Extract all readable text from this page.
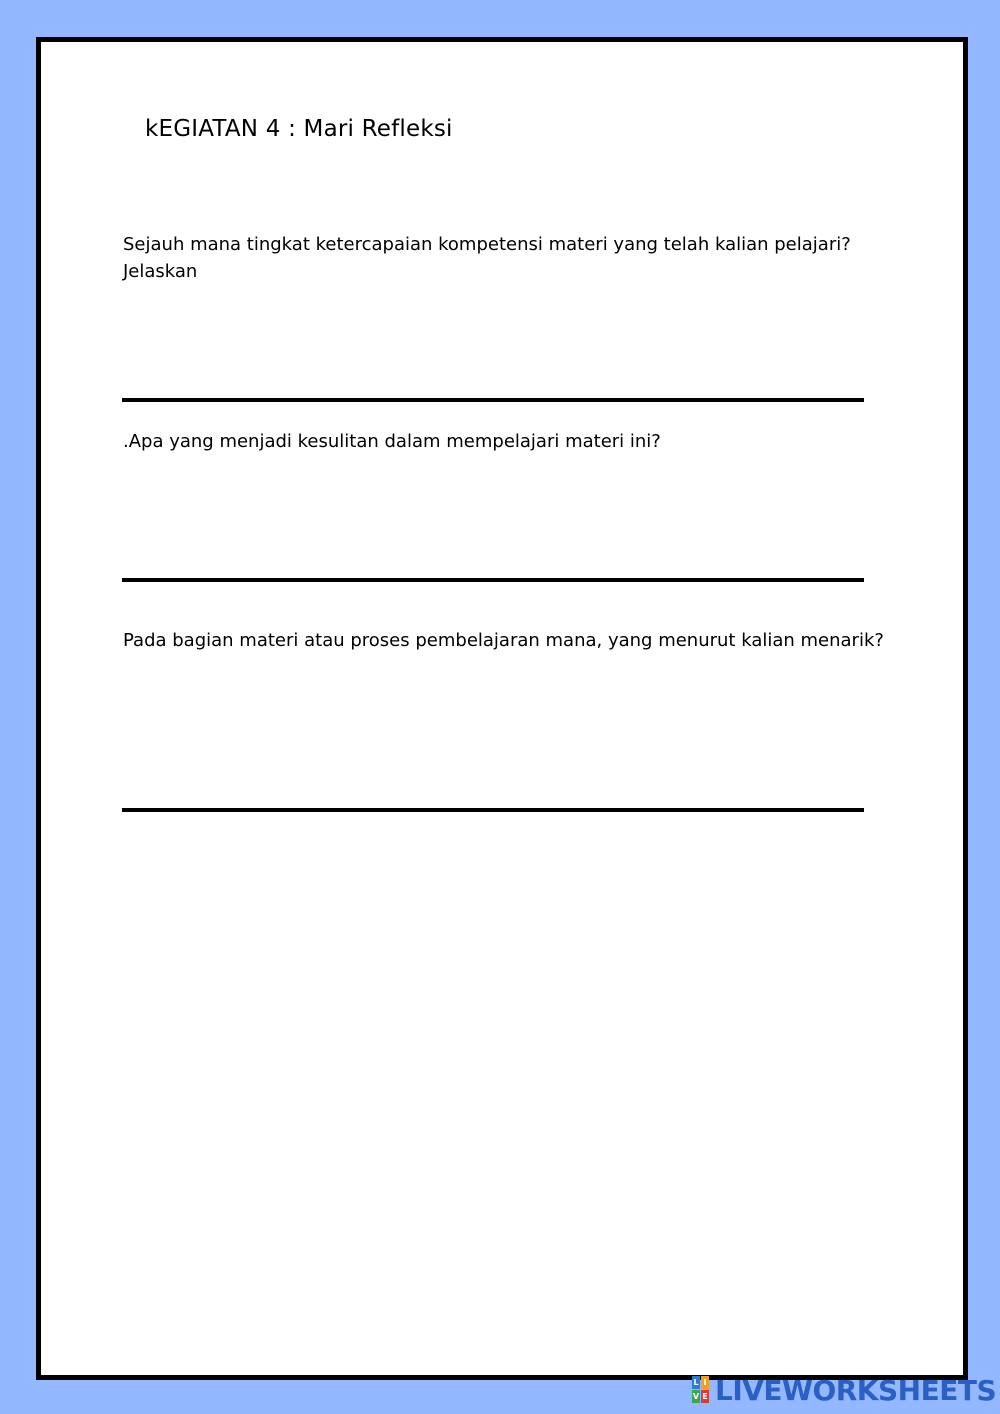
kEGIATAN 4 : Mari Refleksi
Sejauh mana tingkat ketercapaian kompetensi materi yang telah kalian pelajari? Jelaskan
.Apa yang menjadi kesulitan dalam mempelajari materi ini?
Pada bagian materi atau proses pembelajaran mana, yang menurut kalian menarik?
L I
V E LIVEWORKSHEETS
